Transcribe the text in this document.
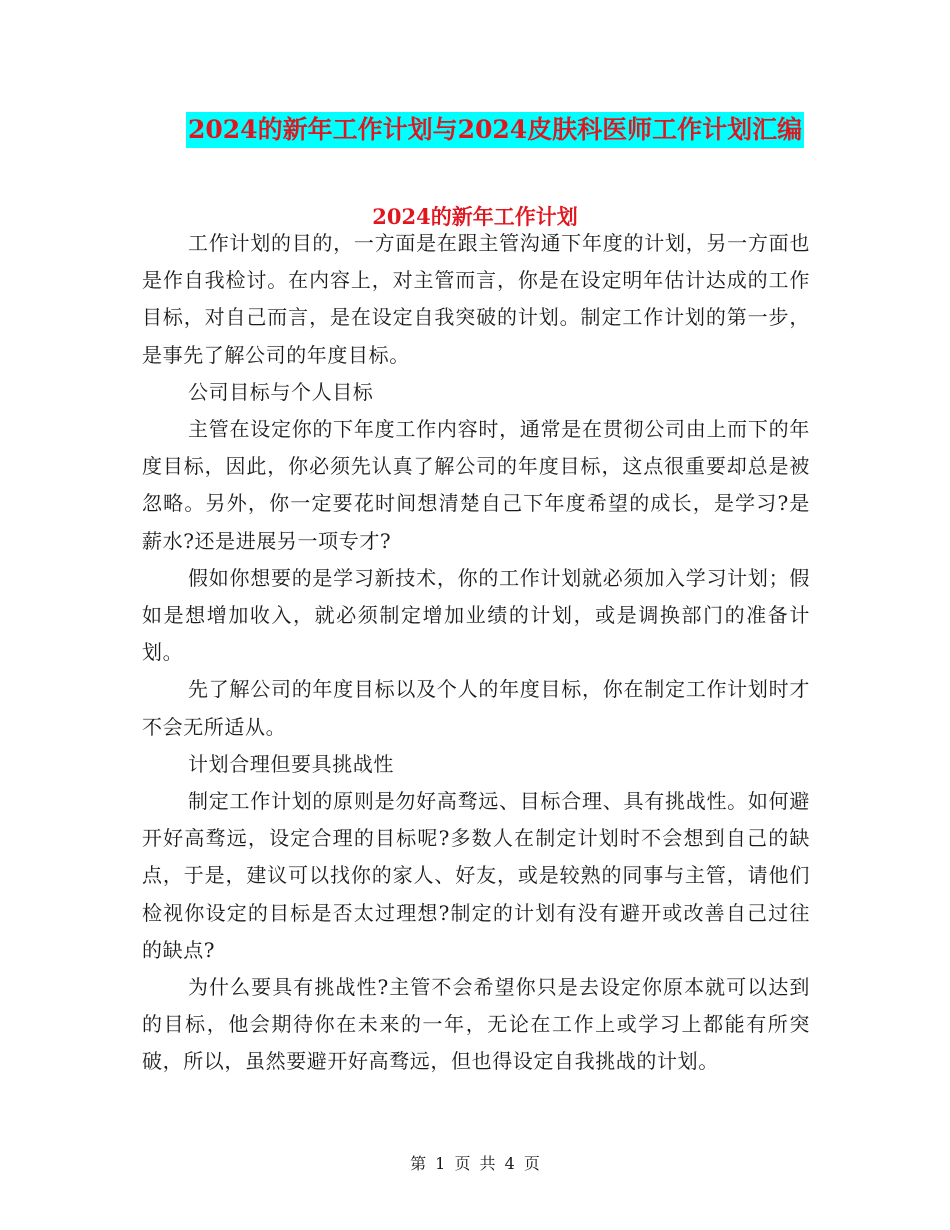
2024的新年工作计划与2024皮肤科医师工作计划汇编
2024的新年工作计划

工作计划的目的，一方面是在跟主管沟通下年度的计划，另一方面也是作自我检讨。在内容上，对主管而言，你是在设定明年估计达成的工作目标，对自己而言，是在设定自我突破的计划。制定工作计划的第一步，是事先了解公司的年度目标。

公司目标与个人目标

主管在设定你的下年度工作内容时，通常是在贯彻公司由上而下的年度目标，因此，你必须先认真了解公司的年度目标，这点很重要却总是被忽略。另外，你一定要花时间想清楚自己下年度希望的成长，是学习?是薪水?还是进展另一项专才?

假如你想要的是学习新技术，你的工作计划就必须加入学习计划；假如是想增加收入，就必须制定增加业绩的计划，或是调换部门的准备计划。

先了解公司的年度目标以及个人的年度目标，你在制定工作计划时才不会无所适从。

计划合理但要具挑战性

制定工作计划的原则是勿好高骛远、目标合理、具有挑战性。如何避开好高骛远，设定合理的目标呢?多数人在制定计划时不会想到自己的缺点，于是，建议可以找你的家人、好友，或是较熟的同事与主管，请他们检视你设定的目标是否太过理想?制定的计划有没有避开或改善自己过往的缺点?

为什么要具有挑战性?主管不会希望你只是去设定你原本就可以达到的目标，他会期待你在未来的一年，无论在工作上或学习上都能有所突破，所以，虽然要避开好高骛远，但也得设定自我挑战的计划。

第 1 页 共 4 页
